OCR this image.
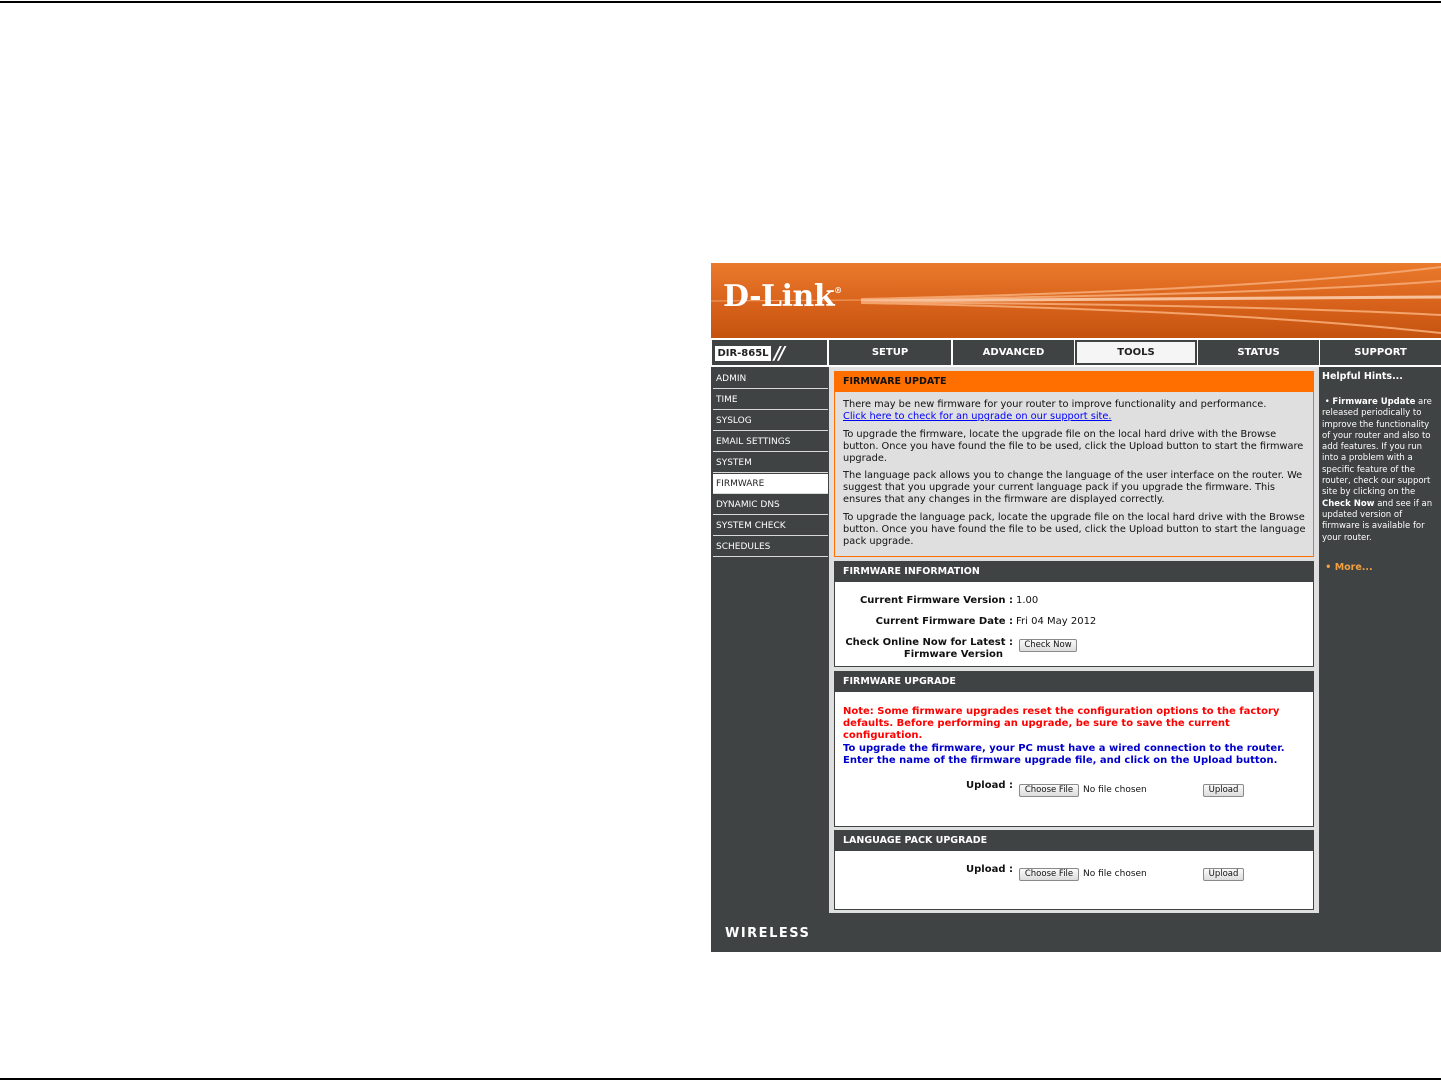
D-Link®
DIR-865L //	SETUP	ADVANCED	TOOLS	STATUS	SUPPORT
ADMIN
TIME
SYSLOG
EMAIL SETTINGS
SYSTEM
FIRMWARE
DYNAMIC DNS
SYSTEM CHECK
SCHEDULES
FIRMWARE UPDATE
There may be new firmware for your router to improve functionality and performance.
Click here to check for an upgrade on our support site.
To upgrade the firmware, locate the upgrade file on the local hard drive with the Browse button. Once you have found the file to be used, click the Upload button to start the firmware upgrade.
The language pack allows you to change the language of the user interface on the router. We suggest that you upgrade your current language pack if you upgrade the firmware. This ensures that any changes in the firmware are displayed correctly.
To upgrade the language pack, locate the upgrade file on the local hard drive with the Browse button. Once you have found the file to be used, click the Upload button to start the language pack upgrade.
FIRMWARE INFORMATION
Current Firmware Version : 1.00
Current Firmware Date : Fri 04 May 2012
Check Online Now for Latest :
Firmware Version
Check Now
FIRMWARE UPGRADE
Note: Some firmware upgrades reset the configuration options to the factory defaults. Before performing an upgrade, be sure to save the current configuration.
To upgrade the firmware, your PC must have a wired connection to the router. Enter the name of the firmware upgrade file, and click on the Upload button.
Upload :	Choose File	No file chosen	Upload
LANGUAGE PACK UPGRADE
Upload :	Choose File	No file chosen	Upload
Helpful Hints...
• Firmware Update are released periodically to improve the functionality of your router and also to add features. If you run into a problem with a specific feature of the router, check our support site by clicking on the Check Now and see if an updated version of firmware is available for your router.
• More...
WIRELESS
